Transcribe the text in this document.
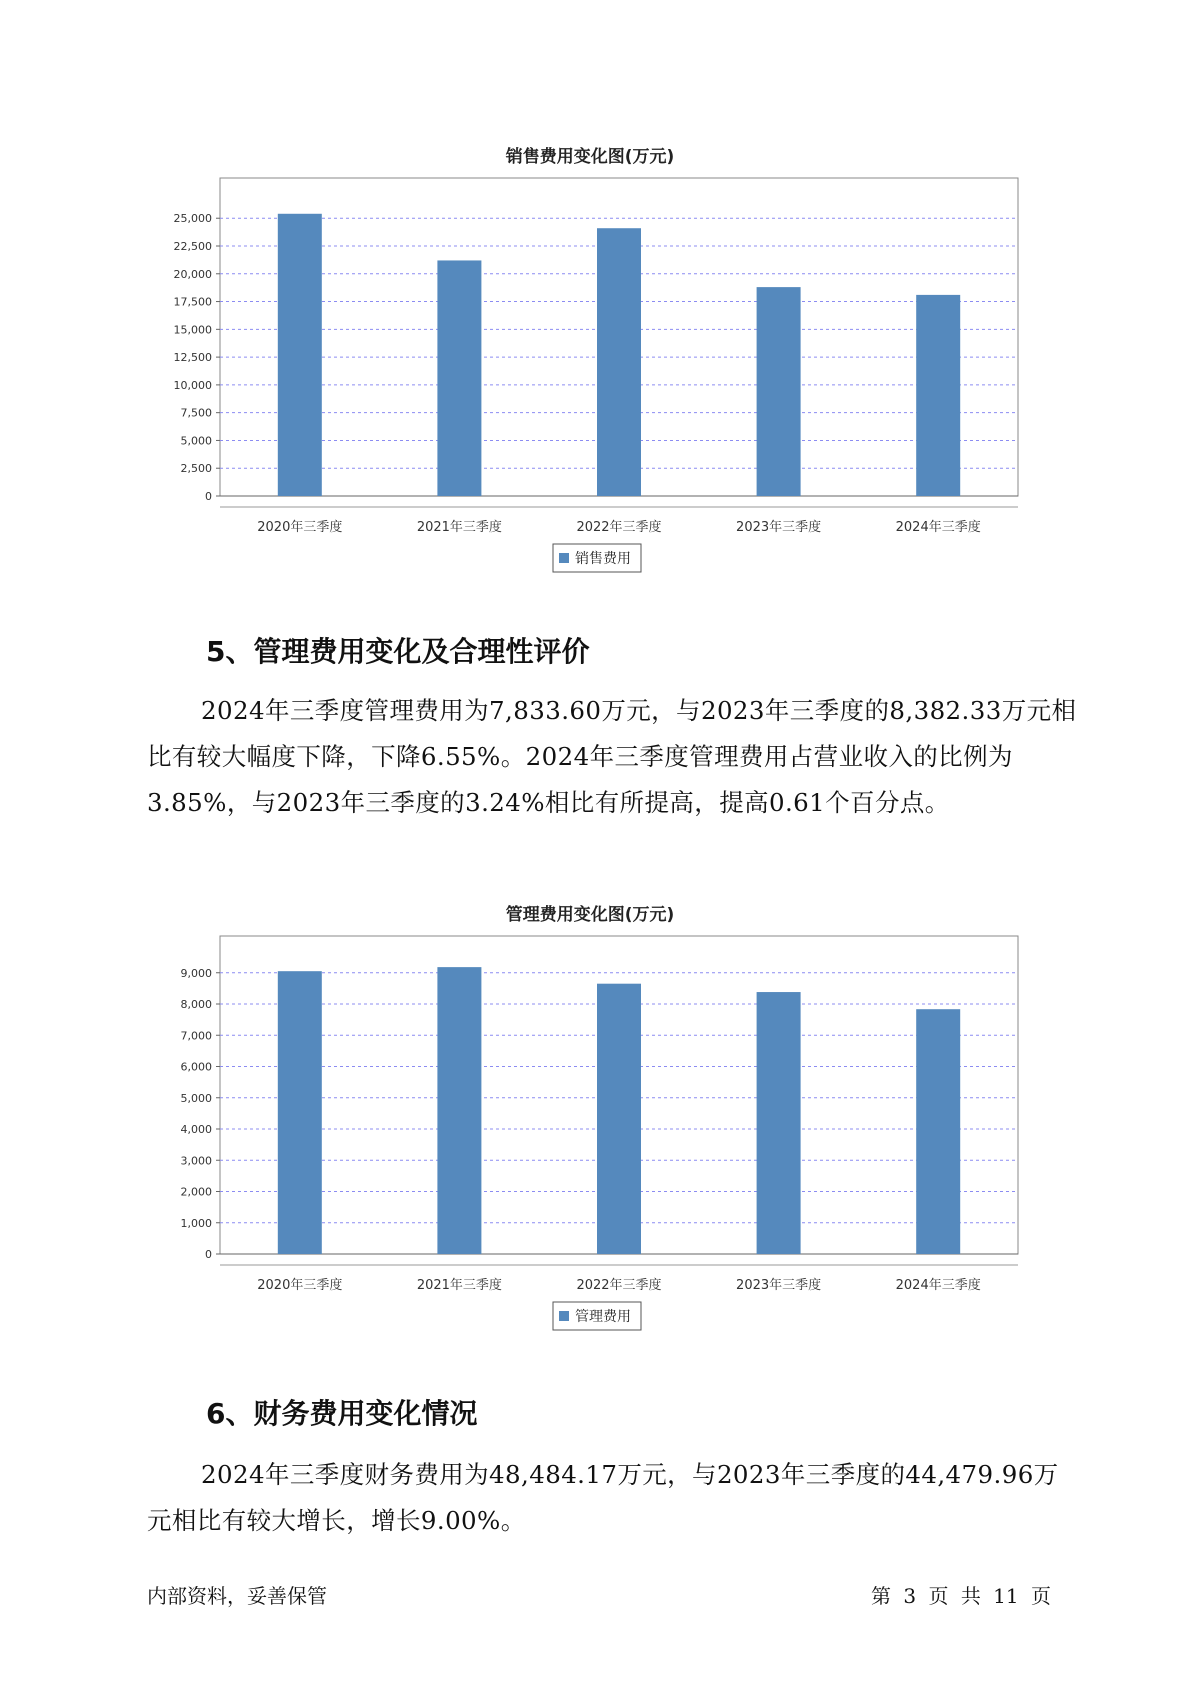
销售费用变化图(万元)
0
2,500
5,000
7,500
10,000
12,500
15,000
17,500
20,000
22,500
25,000
2020年三季度	2021年三季度	2022年三季度	2023年三季度	2024年三季度
销售费用
5、管理费用变化及合理性评价

2024年三季度管理费用为7,833.60万元，与2023年三季度的8,382.33万元相比有较大幅度下降，下降6.55%。2024年三季度管理费用占营业收入的比例为3.85%，与2023年三季度的3.24%相比有所提高，提高0.61个百分点。

管理费用变化图(万元)
0
1,000
2,000
3,000
4,000
5,000
6,000
7,000
8,000
9,000
2020年三季度	2021年三季度	2022年三季度	2023年三季度	2024年三季度
管理费用
6、财务费用变化情况

2024年三季度财务费用为48,484.17万元，与2023年三季度的44,479.96万元相比有较大增长，增长9.00%。

内部资料，妥善保管	第 3 页 共 11 页
